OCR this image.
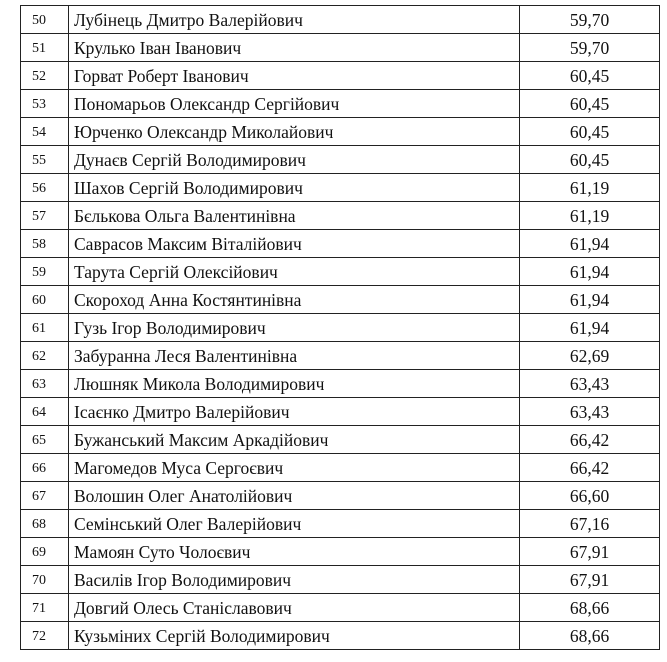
50	Лубінець Дмитро Валерійович	59,70
51	Крулько Іван Іванович	59,70
52	Горват Роберт Іванович	60,45
53	Пономарьов Олександр Сергійович	60,45
54	Юрченко Олександр Миколайович	60,45
55	Дунаєв Сергій Володимирович	60,45
56	Шахов Сергій Володимирович	61,19
57	Бєлькова Ольга Валентинівна	61,19
58	Саврасов Максим Віталійович	61,94
59	Тарута Сергій Олексійович	61,94
60	Скороход Анна Костянтинівна	61,94
61	Гузь Ігор Володимирович	61,94
62	Забуранна Леся Валентинівна	62,69
63	Люшняк Микола Володимирович	63,43
64	Ісаєнко Дмитро Валерійович	63,43
65	Бужанський Максим Аркадійович	66,42
66	Магомедов Муса Сергоєвич	66,42
67	Волошин Олег Анатолійович	66,60
68	Семінський Олег Валерійович	67,16
69	Мамоян Суто Чолоєвич	67,91
70	Василів Ігор Володимирович	67,91
71	Довгий Олесь Станіславович	68,66
72	Кузьміних Сергій Володимирович	68,66
